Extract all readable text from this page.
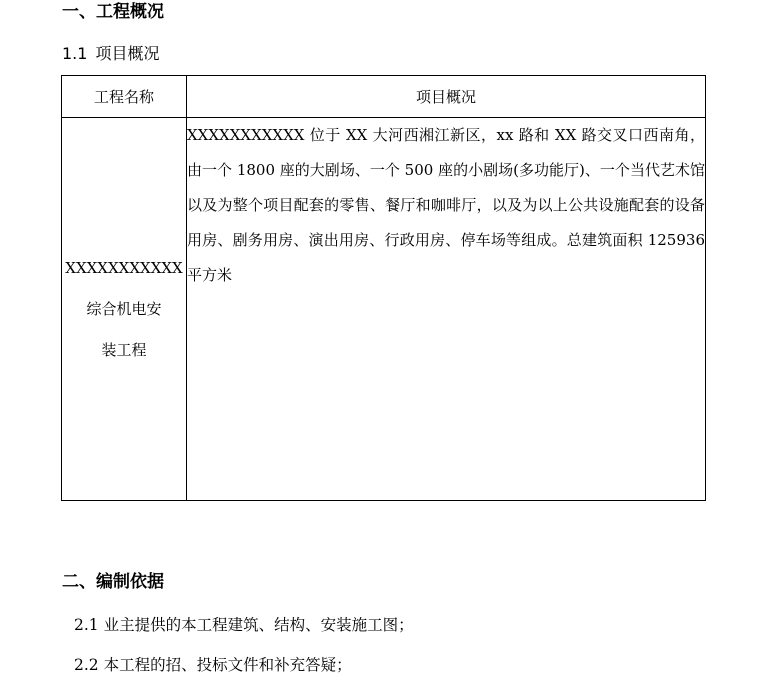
一、工程概况
1.1 项目概况
工程名称	项目概况

XXXXXXXXXXX
综合机电安
装工程	XXXXXXXXXXX 位于 XX 大河西湘江新区，xx 路和 XX 路交叉口西南角，由一个 1800 座的大剧场、一个 500 座的小剧场(多功能厅)、一个当代艺术馆以及为整个项目配套的零售、餐厅和咖啡厅，以及为以上公共设施配套的设备用房、剧务用房、演出用房、行政用房、停车场等组成。总建筑面积 125936 平方米
二、编制依据
2.1 业主提供的本工程建筑、结构、安装施工图；
2.2 本工程的招、投标文件和补充答疑；
